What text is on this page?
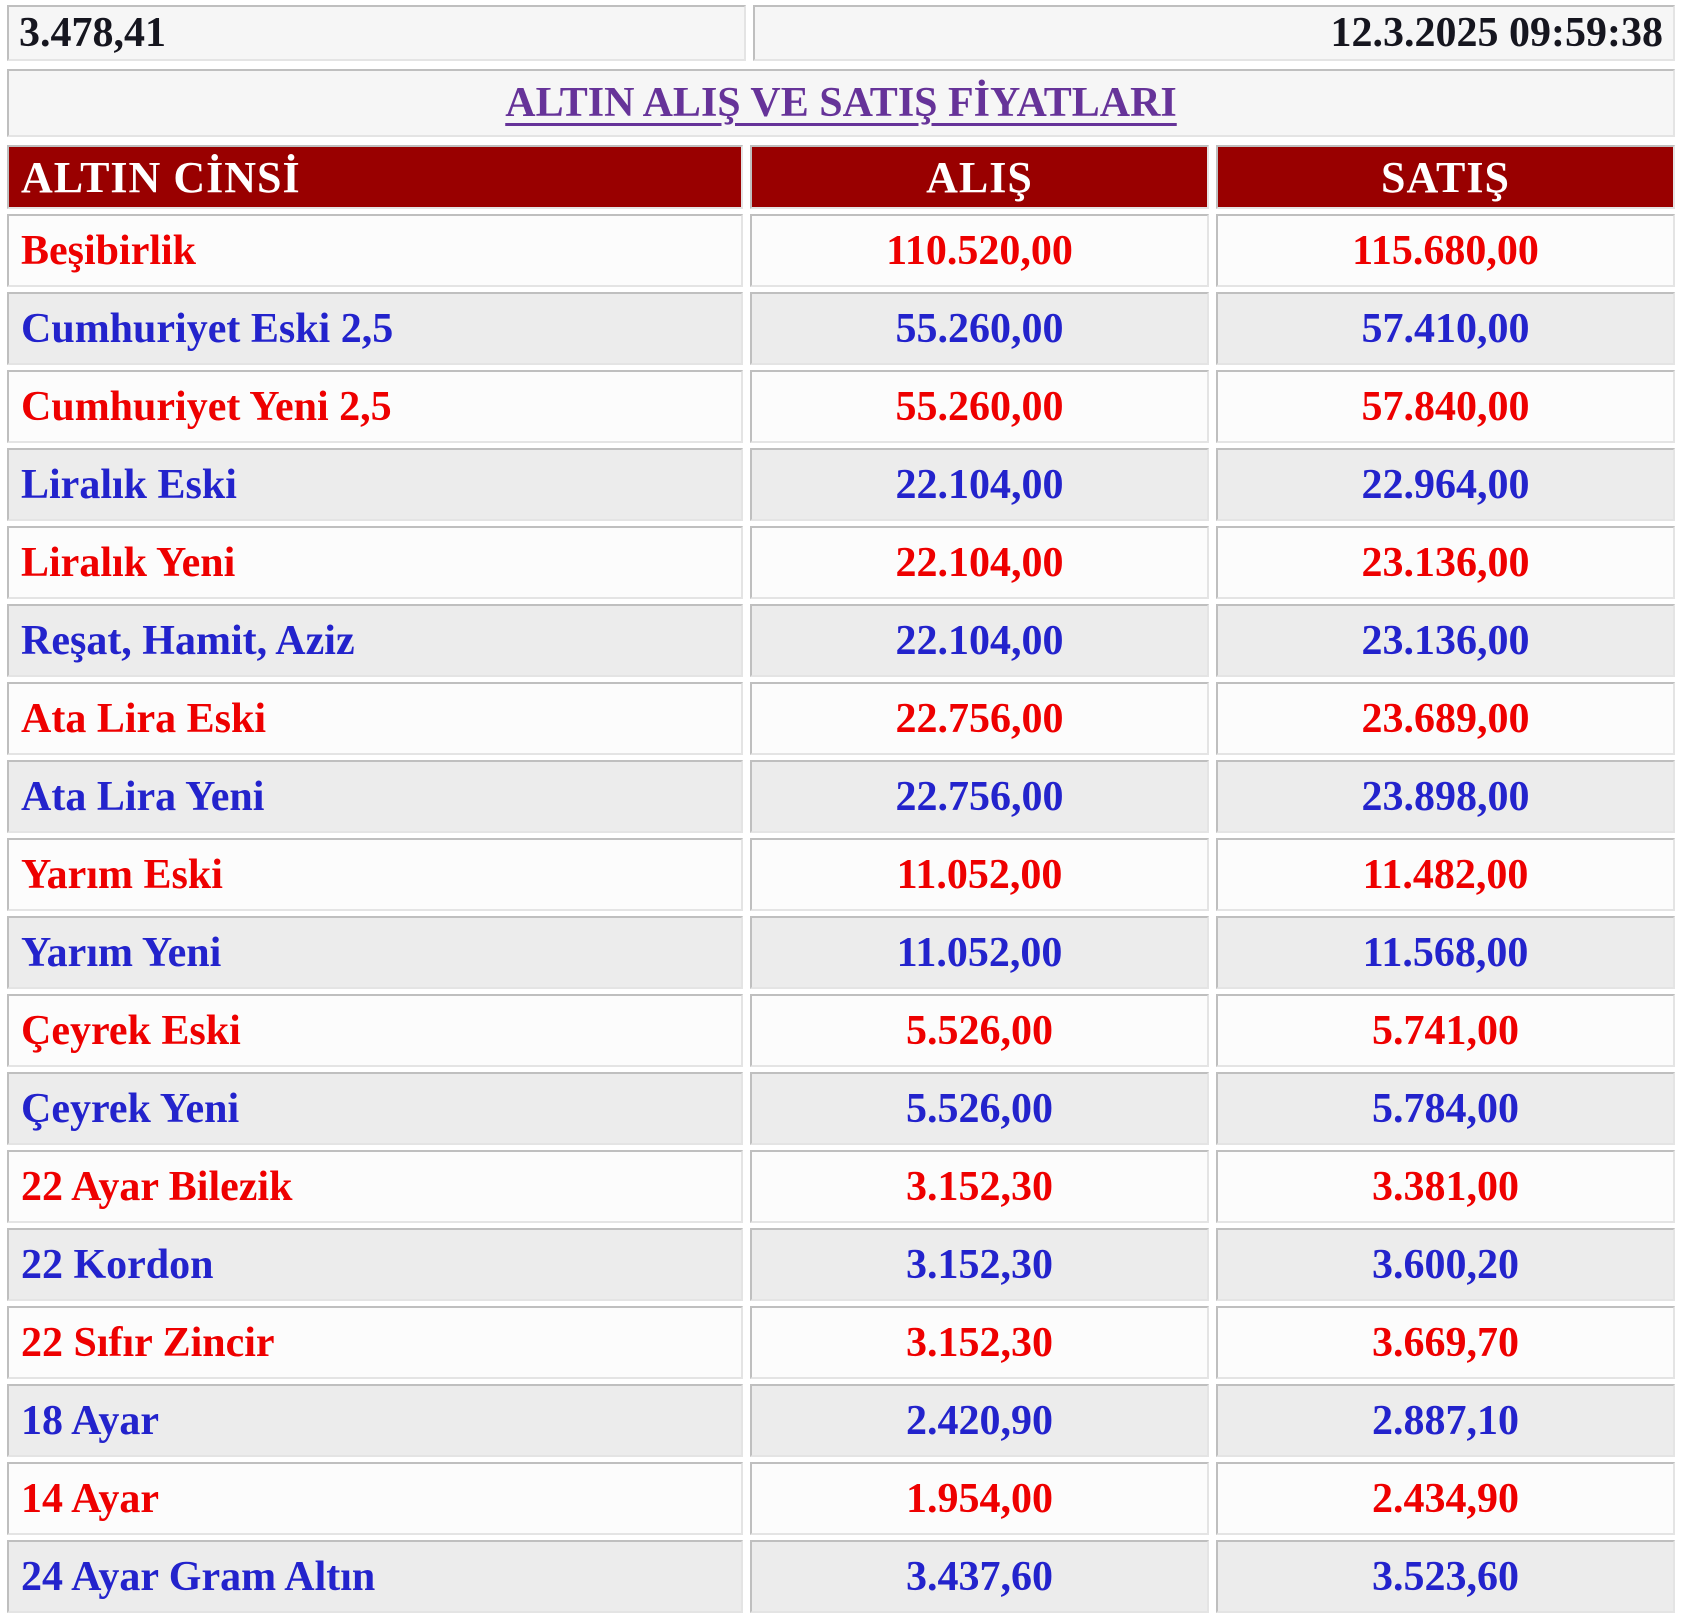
3.478,41	12.3.2025 09:59:38
ALTIN ALIŞ VE SATIŞ FİYATLARI
ALTIN CİNSİ	ALIŞ	SATIŞ
Beşibirlik	110.520,00	115.680,00
Cumhuriyet Eski 2,5	55.260,00	57.410,00
Cumhuriyet Yeni 2,5	55.260,00	57.840,00
Liralık Eski	22.104,00	22.964,00
Liralık Yeni	22.104,00	23.136,00
Reşat, Hamit, Aziz	22.104,00	23.136,00
Ata Lira Eski	22.756,00	23.689,00
Ata Lira Yeni	22.756,00	23.898,00
Yarım Eski	11.052,00	11.482,00
Yarım Yeni	11.052,00	11.568,00
Çeyrek Eski	5.526,00	5.741,00
Çeyrek Yeni	5.526,00	5.784,00
22 Ayar Bilezik	3.152,30	3.381,00
22 Kordon	3.152,30	3.600,20
22 Sıfır Zincir	3.152,30	3.669,70
18 Ayar	2.420,90	2.887,10
14 Ayar	1.954,00	2.434,90
24 Ayar Gram Altın	3.437,60	3.523,60
